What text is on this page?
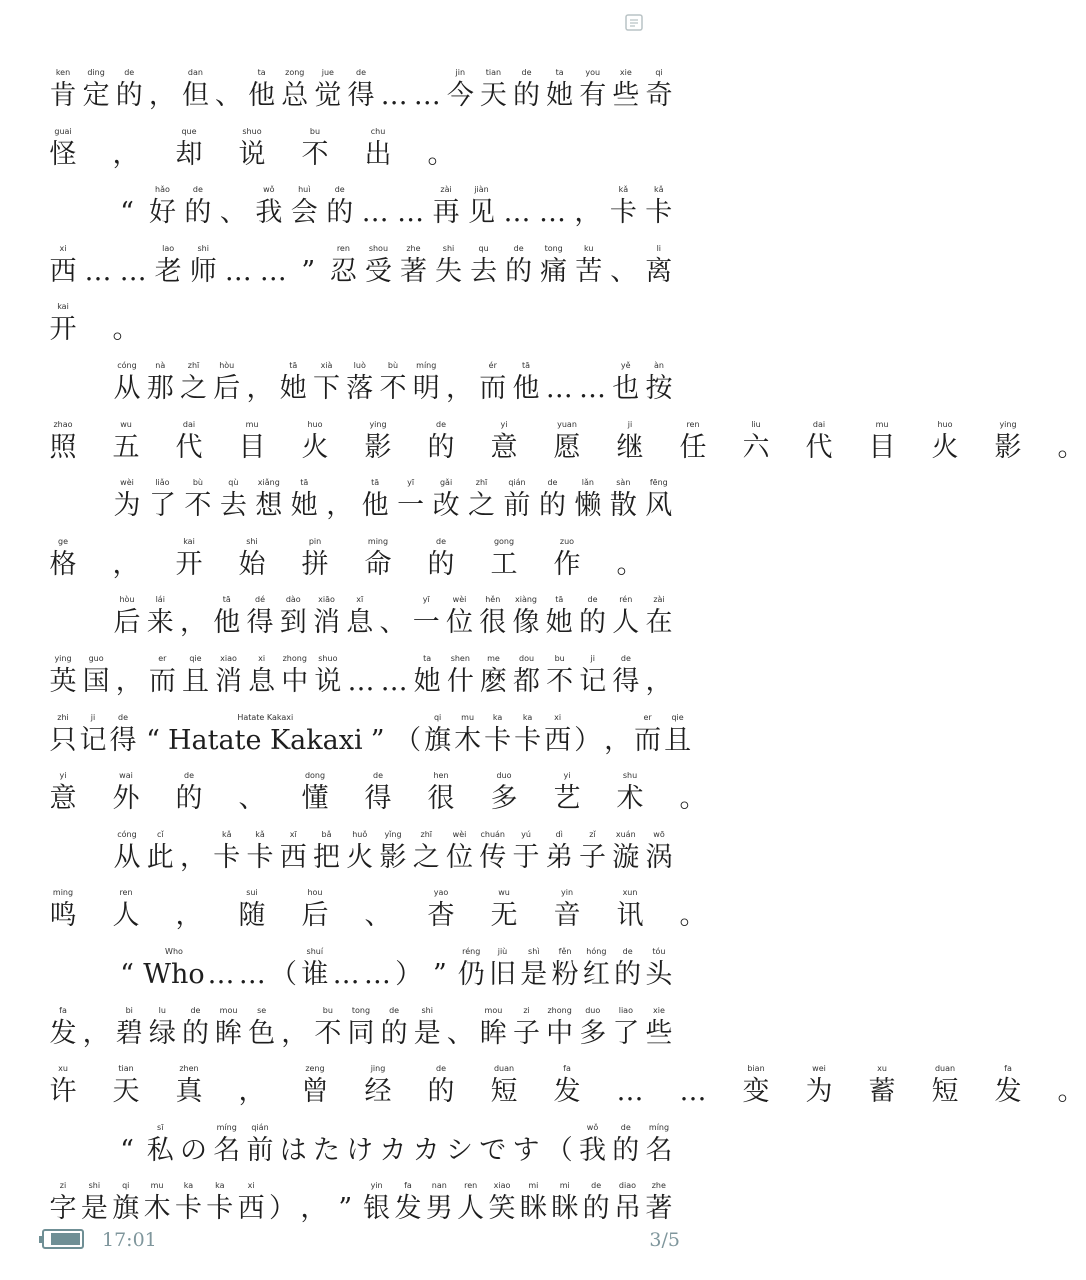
ken
肯
ding
定
de
的 ，
dan
但 、
ta
他
zong
总
jue
觉
de
得 … …
jin
今
tian
天
de
的
ta
她
you
有
xie
些
qi
奇
guai
怪 ，
que
却
shuo
说
bu
不
chu
出 。
“
hǎo
好
de
的 、
wǒ
我
huì
会
de
的 … …
zài
再
jiàn
见 … … ，
kǎ
卡
kǎ
卡
xi
西 … …
lao
老
shi
师 … … ”
ren
忍
shou
受
zhe
著
shi
失
qu
去
de
的
tong
痛
ku
苦 、
li
离
kai
开 。
cóng
从
nà
那
zhī
之
hòu
后 ，
tā
她
xià
下
luò
落
bù
不
míng
明 ，
ér
而
tā
他 … …
yě
也
àn
按
zhao
照
wu
五
dai
代
mu
目
huo
火
ying
影
de
的
yi
意
yuan
愿
ji
继
ren
任
liu
六
dai
代
mu
目
huo
火
ying
影 。
wèi
为
liǎo
了
bù
不
qù
去
xiǎng
想
tā
她 ，
tā
他
yī
一
gǎi
改
zhī
之
qián
前
de
的
lǎn
懒
sàn
散
fēng
风
ge
格 ，
kai
开
shi
始
pin
拼
ming
命
de
的
gong
工
zuo
作 。
hòu
后
lái
来 ，
tā
他
dé
得
dào
到
xiāo
消
xī
息 、
yī
一
wèi
位
hěn
很
xiàng
像
tā
她
de
的
rén
人
zài
在
ying
英
guo
国 ，
er
而
qie
且
xiao
消
xi
息
zhong
中
shuo
说 … …
ta
她
shen
什
me
麽
dou
都
bu
不
ji
记
de
得 ，
zhi
只
ji
记
de
得 “
Hatate Kakaxi
Hatate Kakaxi ” （
qi
旗
mu
木
ka
卡
ka
卡
xi
西 ） ，
er
而
qie
且
yi
意
wai
外
de
的 、
dong
懂
de
得
hen
很
duo
多
yi
艺
shu
术 。
cóng
从
cǐ
此 ，
kǎ
卡
kǎ
卡
xī
西
bǎ
把
huǒ
火
yǐng
影
zhī
之
wèi
位
chuán
传
yú
于
dì
弟
zǐ
子
xuán
漩
wō
涡
ming
鸣
ren
人 ，
sui
随
hou
后 、
yao
杳
wu
无
yin
音
xun
讯 。
“
Who
Who … … （
shuí
谁 … … ） ”
réng
仍
jiù
旧
shì
是
fěn
粉
hóng
红
de
的
tóu
头
fa
发 ，
bi
碧
lu
绿
de
的
mou
眸
se
色 ，
bu
不
tong
同
de
的
shi
是 、
mou
眸
zi
子
zhong
中
duo
多
liao
了
xie
些
xu
许
tian
天
zhen
真 ，
zeng
曾
jing
经
de
的
duan
短
fa
发 … …
bian
变
wei
为
xu
蓄
duan
短
fa
发 。
“
sī
私 の
míng
名
qián
前 は た け カ カ シ で す （
wǒ
我
de
的
míng
名
zi
字
shi
是
qi
旗
mu
木
ka
卡
ka
卡
xi
西 ） ， ”
yin
银
fa
发
nan
男
ren
人
xiao
笑
mi
眯
mi
眯
de
的
diao
吊
zhe
著
17:01	3/5
